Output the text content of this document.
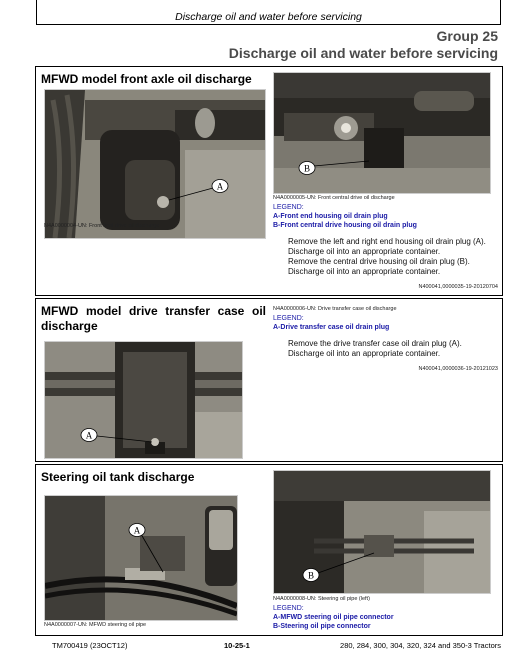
Discharge oil and water before servicing
Group 25
Discharge oil and water before servicing
MFWD model front axle oil discharge
A
N4A0000004-UN: Front final drive oil discharge
B
N4A0000005-UN: Front central drive oil discharge
LEGEND:
A-Front end housing oil drain plug
B-Front central drive housing oil drain plug
Remove the left and right end housing oil drain plug (A).
Discharge oil into an appropriate container.
Remove the central drive housing oil drain plug (B).
Discharge oil into an appropriate container.
N400041,0000035-19-20120704
MFWD model drive transfer case oil discharge
A
N4A0000006-UN: Drive transfer case oil discharge
LEGEND:
A-Drive transfer case oil drain plug
Remove the drive transfer case oil drain plug (A).
Discharge oil into an appropriate container.
N400041,0000036-19-20121023
Steering oil tank discharge
A
N4A0000007-UN: MFWD steering oil pipe
B
N4A0000008-UN: Steering oil pipe (left)
LEGEND:
A-MFWD steering oil pipe connector
B-Steering oil pipe connector
TM700419 (23OCT12)	10-25-1	280, 284, 300, 304, 320, 324 and 350-3 Tractors
